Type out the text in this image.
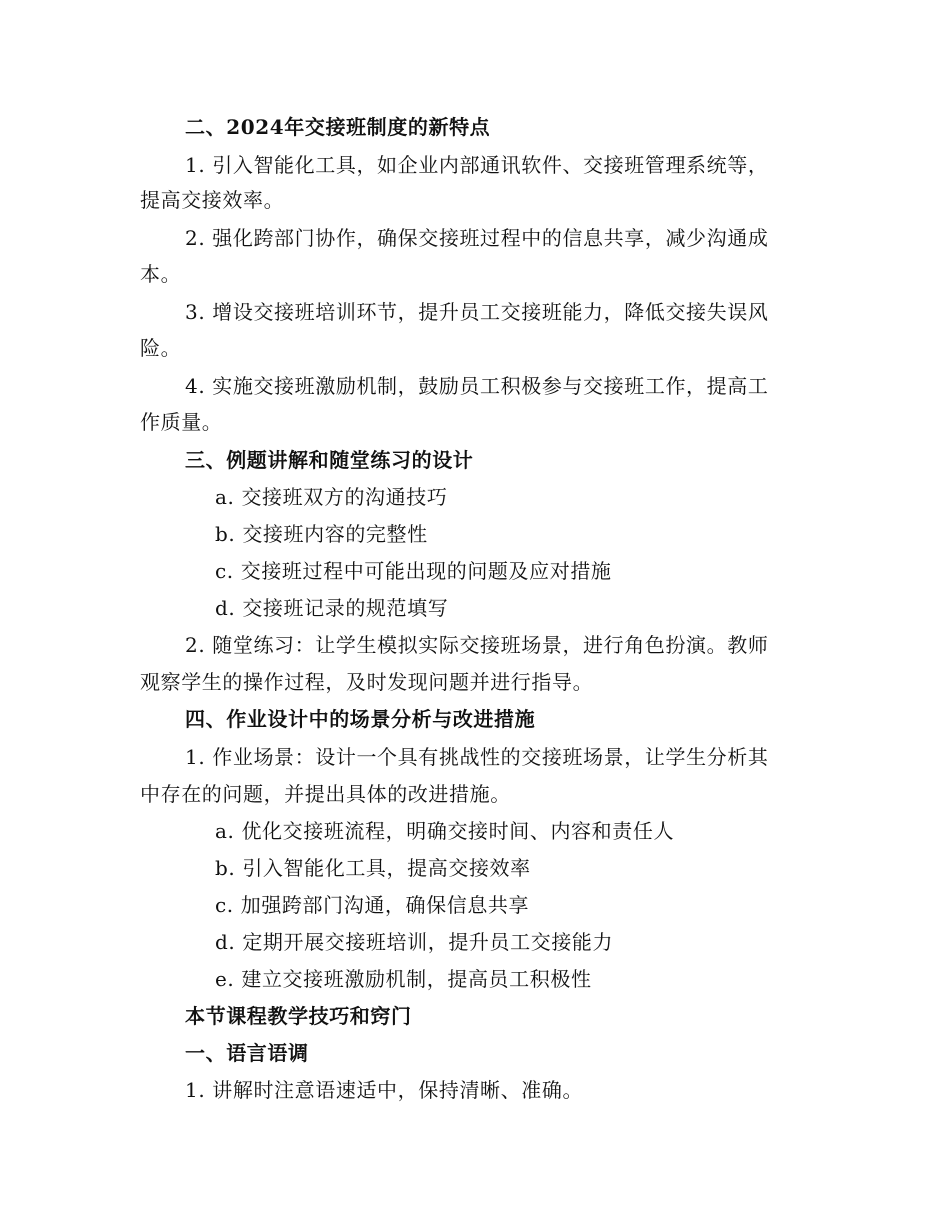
二、2024年交接班制度的新特点
1. 引入智能化工具，如企业内部通讯软件、交接班管理系统等，
提高交接效率。
2. 强化跨部门协作，确保交接班过程中的信息共享，减少沟通成
本。
3. 增设交接班培训环节，提升员工交接班能力，降低交接失误风
险。
4. 实施交接班激励机制，鼓励员工积极参与交接班工作，提高工
作质量。
三、例题讲解和随堂练习的设计
a. 交接班双方的沟通技巧
b. 交接班内容的完整性
c. 交接班过程中可能出现的问题及应对措施
d. 交接班记录的规范填写
2. 随堂练习：让学生模拟实际交接班场景，进行角色扮演。教师
观察学生的操作过程，及时发现问题并进行指导。
四、作业设计中的场景分析与改进措施
1. 作业场景：设计一个具有挑战性的交接班场景，让学生分析其
中存在的问题，并提出具体的改进措施。
a. 优化交接班流程，明确交接时间、内容和责任人
b. 引入智能化工具，提高交接效率
c. 加强跨部门沟通，确保信息共享
d. 定期开展交接班培训，提升员工交接能力
e. 建立交接班激励机制，提高员工积极性
本节课程教学技巧和窍门
一、语言语调
1. 讲解时注意语速适中，保持清晰、准确。
